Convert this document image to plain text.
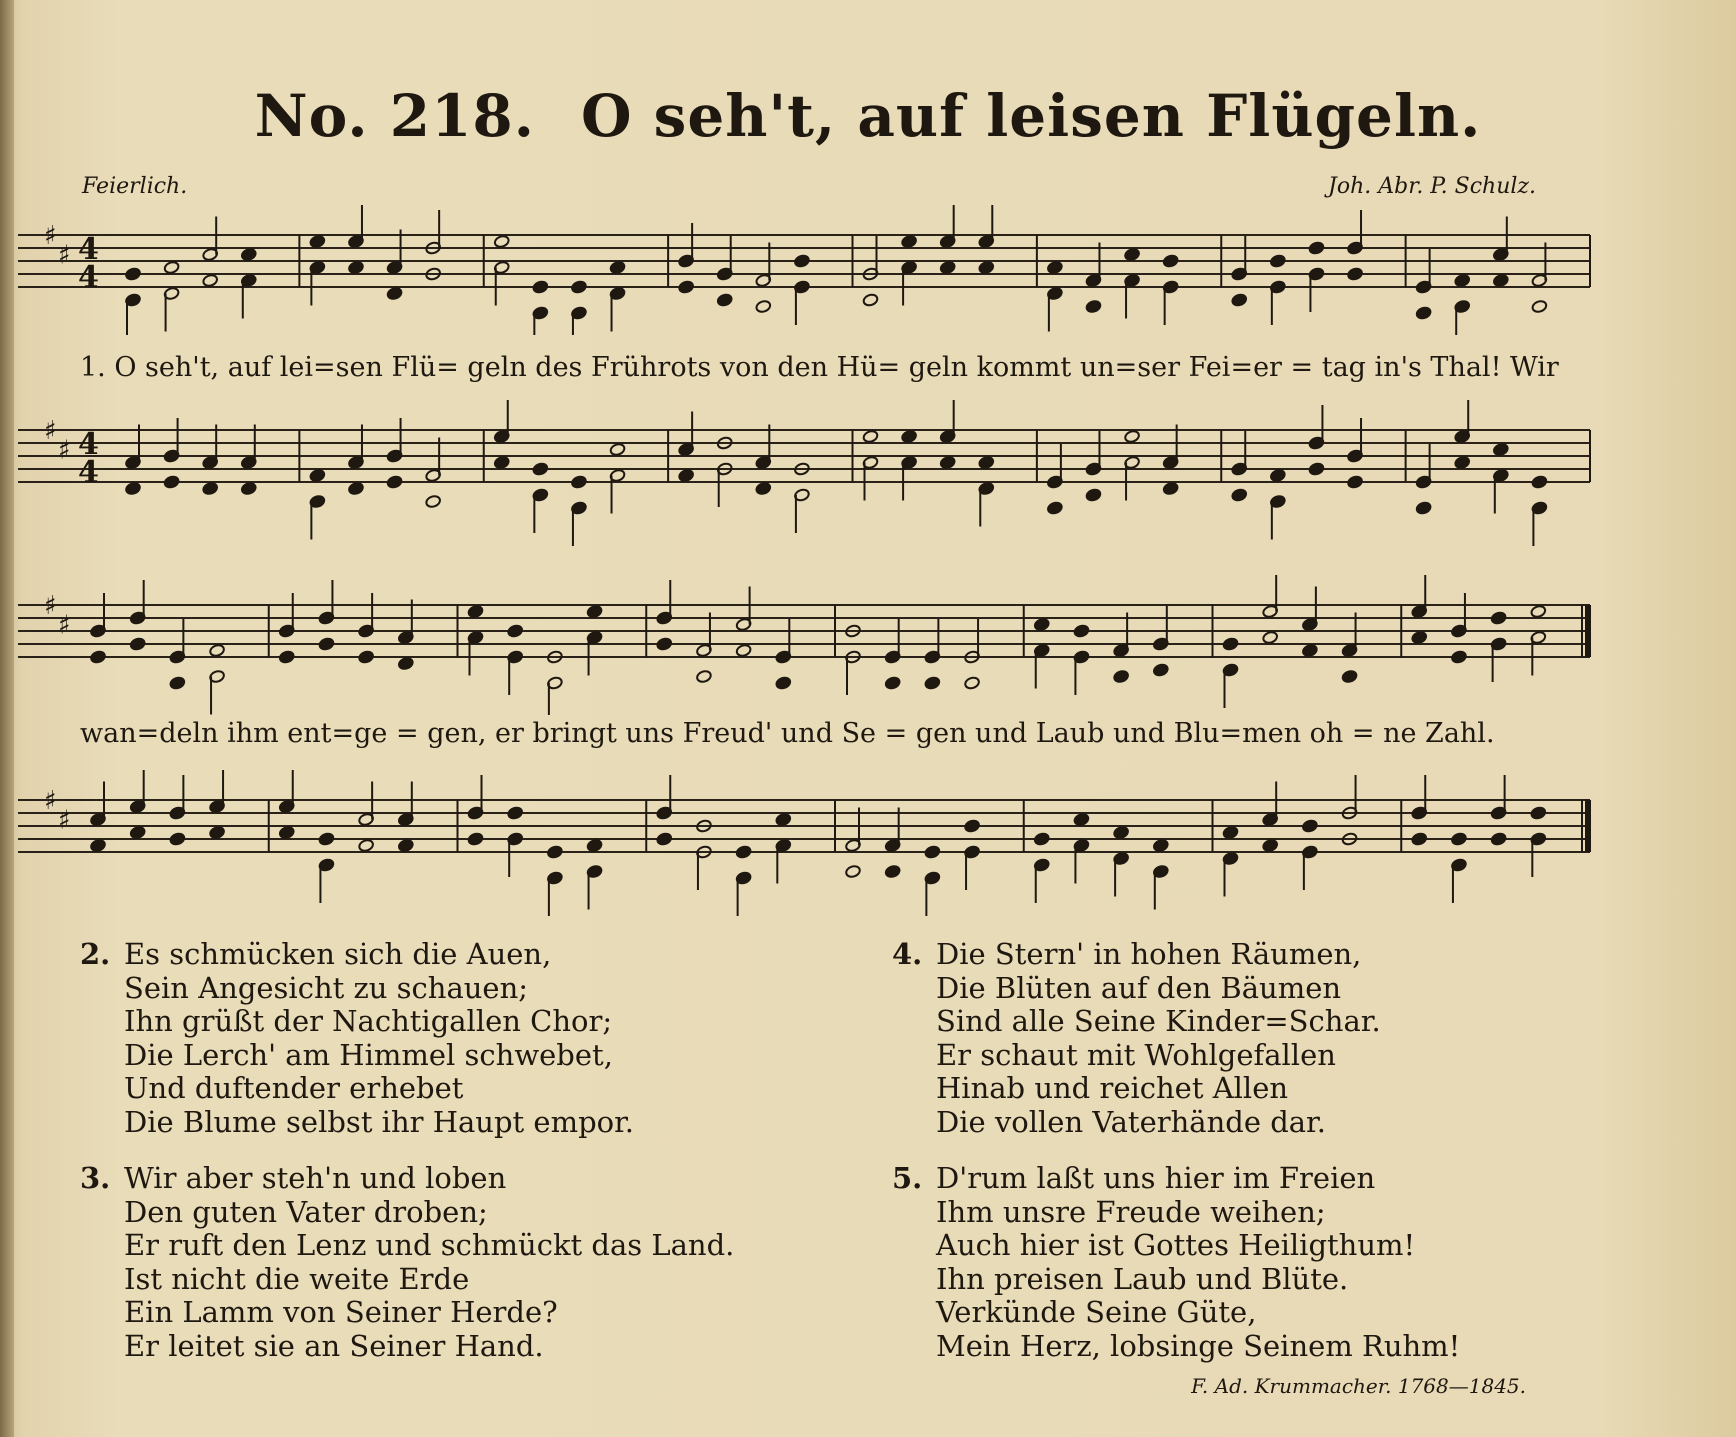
No. 218. O seh't, auf leisen Flügeln.
Feierlich.	Joh. Abr. P. Schulz.
♯
♯ 4
4
1. O seh't, auf lei=sen Flü= geln des Frührots von den Hü= geln kommt un=ser Fei=er = tag in's Thal! Wir
♯
♯ 4
4
♯
♯
wan=deln ihm ent=ge = gen, er bringt uns Freud' und Se = gen und Laub und Blu=men oh = ne Zahl.
♯
♯
2. Es schmücken sich die Auen,
Sein Angesicht zu schauen;
Ihn grüßt der Nachtigallen Chor;
Die Lerch' am Himmel schwebet,
Und duftender erhebet
Die Blume selbst ihr Haupt empor.
3. Wir aber steh'n und loben
Den guten Vater droben;
Er ruft den Lenz und schmückt das Land.
Ist nicht die weite Erde
Ein Lamm von Seiner Herde?
Er leitet sie an Seiner Hand.
4. Die Stern' in hohen Räumen,
Die Blüten auf den Bäumen
Sind alle Seine Kinder=Schar.
Er schaut mit Wohlgefallen
Hinab und reichet Allen
Die vollen Vaterhände dar.
5. D'rum laßt uns hier im Freien
Ihm unsre Freude weihen;
Auch hier ist Gottes Heiligthum!
Ihn preisen Laub und Blüte.
Verkünde Seine Güte,
Mein Herz, lobsinge Seinem Ruhm!
F. Ad. Krummacher. 1768—1845.
